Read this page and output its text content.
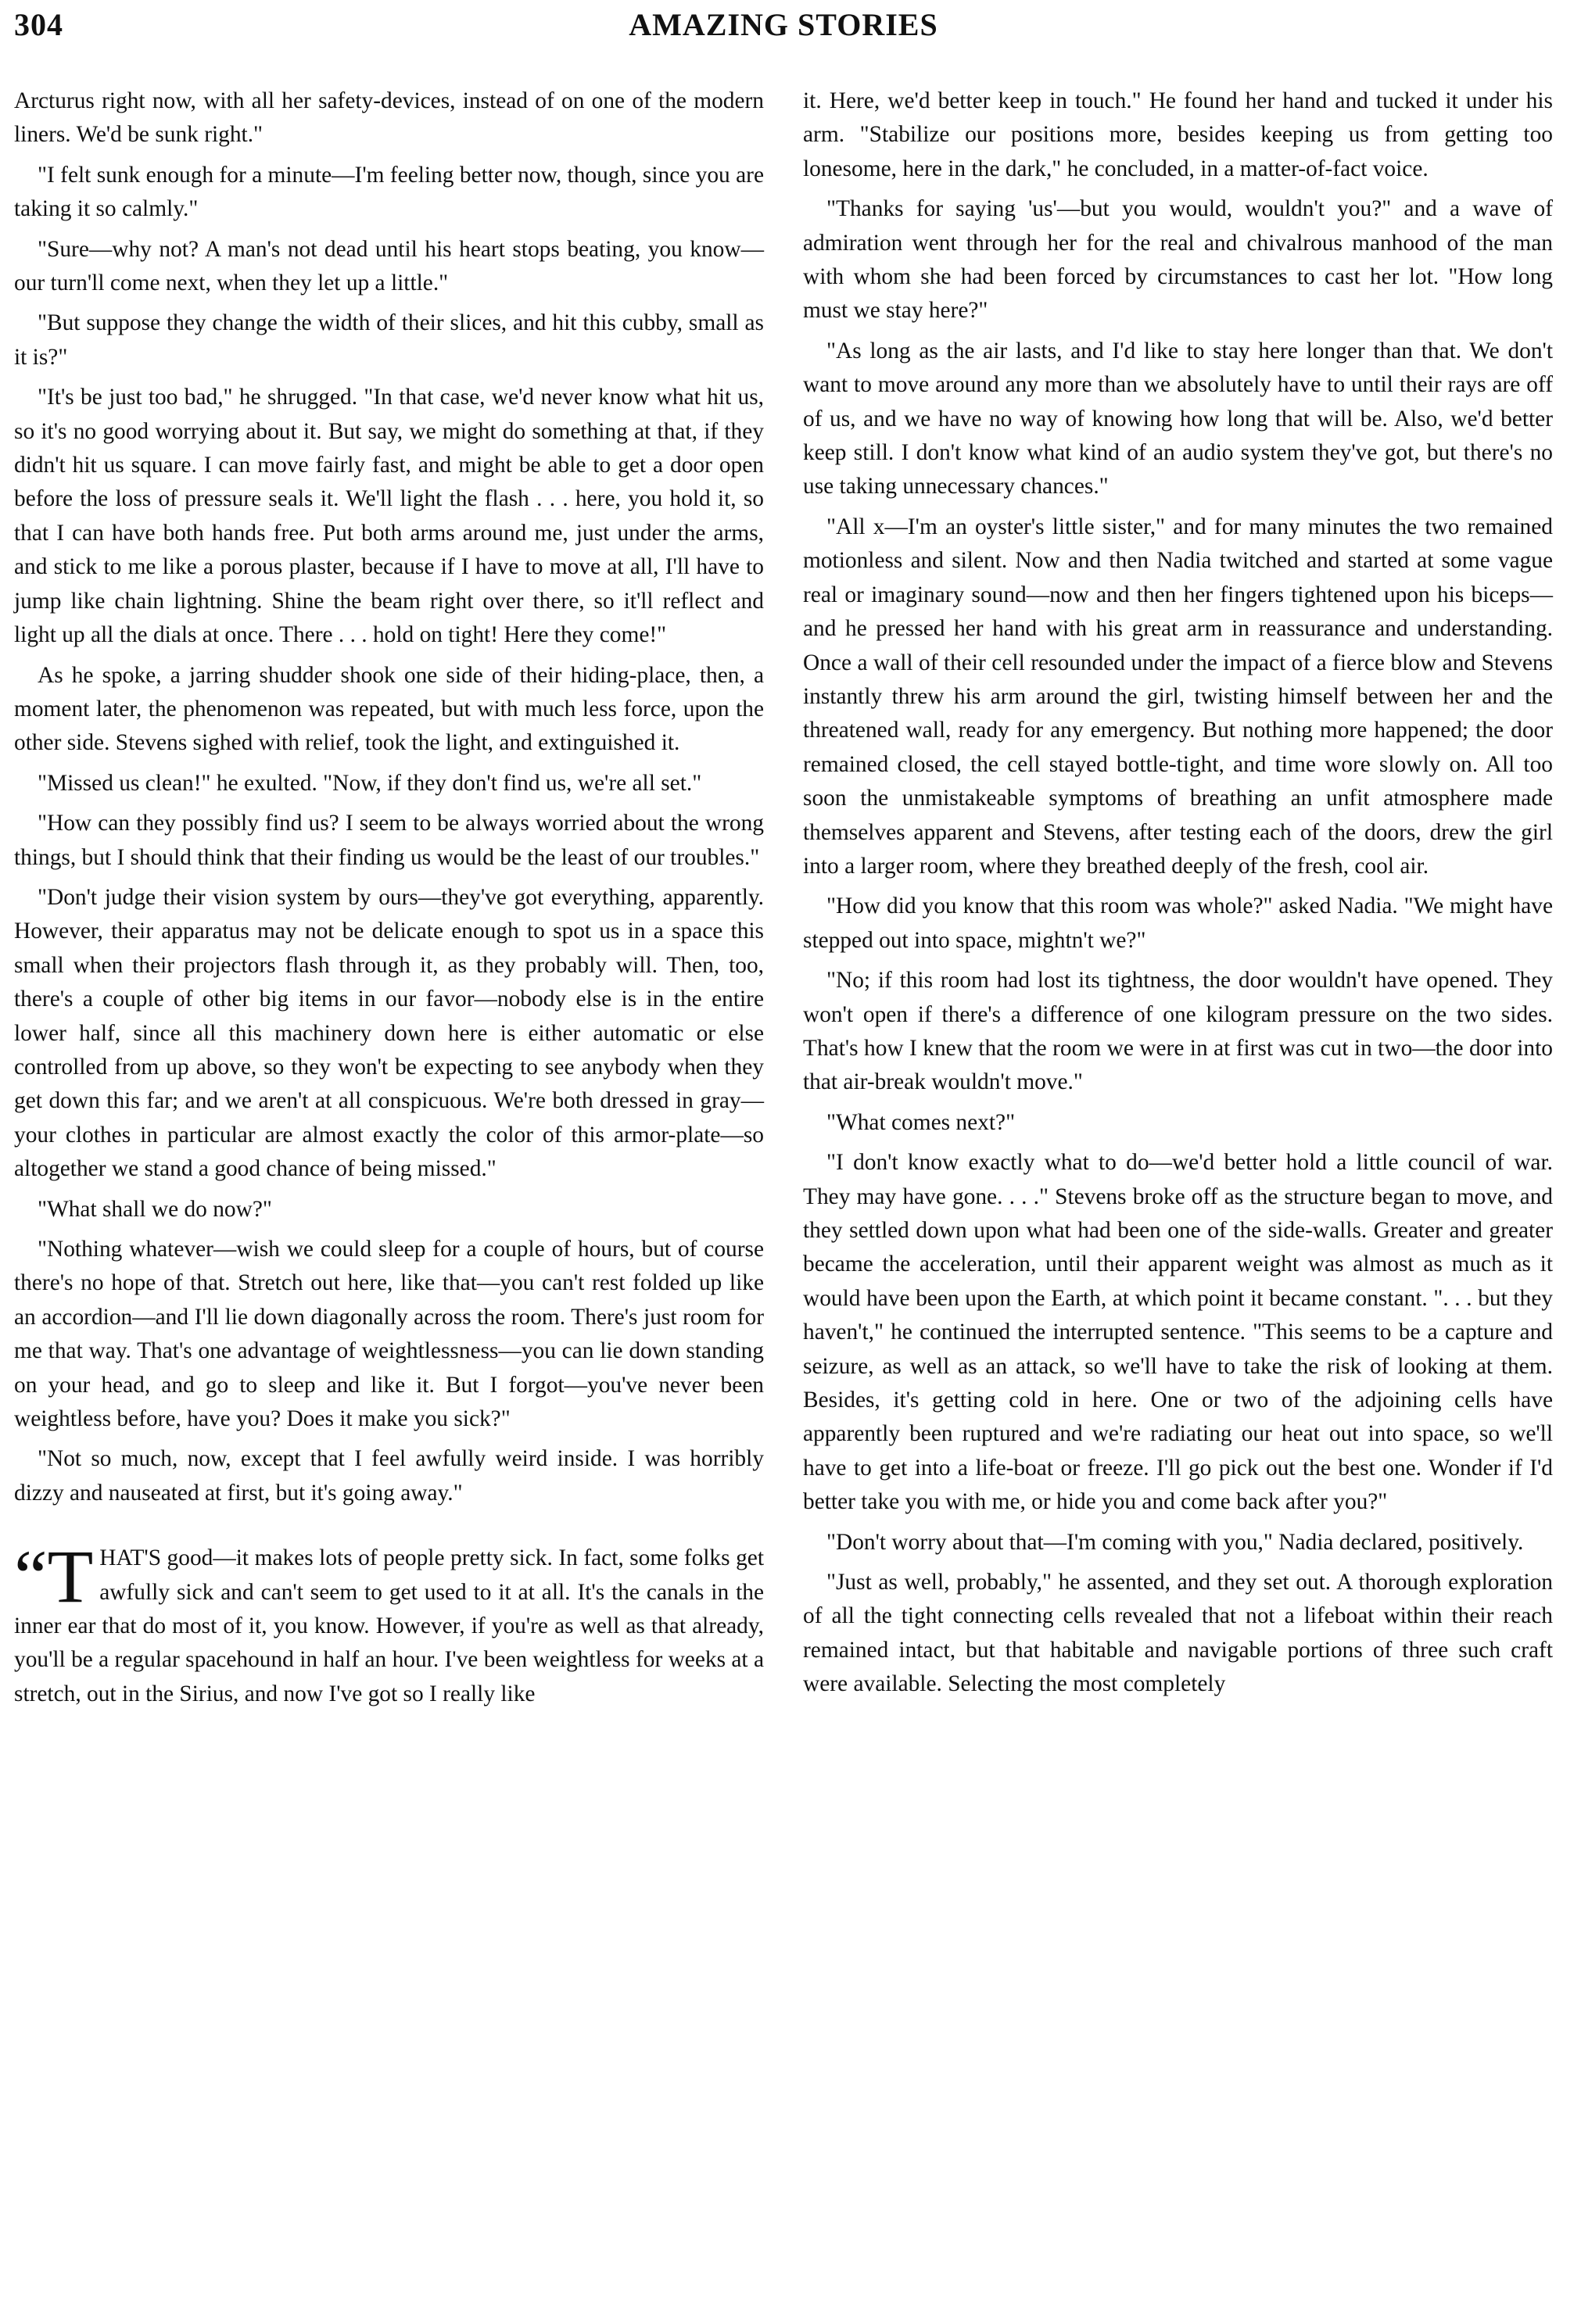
304	AMAZING STORIES

Arcturus right now, with all her safety-devices, instead of on one of the modern liners. We'd be sunk right."

"I felt sunk enough for a minute—I'm feeling better now, though, since you are taking it so calmly."

"Sure—why not? A man's not dead until his heart stops beating, you know—our turn'll come next, when they let up a little."

"But suppose they change the width of their slices, and hit this cubby, small as it is?"

"It's be just too bad," he shrugged. "In that case, we'd never know what hit us, so it's no good worrying about it. But say, we might do something at that, if they didn't hit us square. I can move fairly fast, and might be able to get a door open before the loss of pressure seals it. We'll light the flash . . . here, you hold it, so that I can have both hands free. Put both arms around me, just under the arms, and stick to me like a porous plaster, because if I have to move at all, I'll have to jump like chain lightning. Shine the beam right over there, so it'll reflect and light up all the dials at once. There . . . hold on tight! Here they come!"

As he spoke, a jarring shudder shook one side of their hiding-place, then, a moment later, the phenomenon was repeated, but with much less force, upon the other side. Stevens sighed with relief, took the light, and extinguished it.

"Missed us clean!" he exulted. "Now, if they don't find us, we're all set."

"How can they possibly find us? I seem to be always worried about the wrong things, but I should think that their finding us would be the least of our troubles."

"Don't judge their vision system by ours—they've got everything, apparently. However, their apparatus may not be delicate enough to spot us in a space this small when their projectors flash through it, as they probably will. Then, too, there's a couple of other big items in our favor—nobody else is in the entire lower half, since all this machinery down here is either automatic or else controlled from up above, so they won't be expecting to see anybody when they get down this far; and we aren't at all conspicuous. We're both dressed in gray—your clothes in particular are almost exactly the color of this armor-plate—so altogether we stand a good chance of being missed."

"What shall we do now?"

"Nothing whatever—wish we could sleep for a couple of hours, but of course there's no hope of that. Stretch out here, like that—you can't rest folded up like an accordion—and I'll lie down diagonally across the room. There's just room for me that way. That's one advantage of weightlessness—you can lie down standing on your head, and go to sleep and like it. But I forgot—you've never been weightless before, have you? Does it make you sick?"

"Not so much, now, except that I feel awfully weird inside. I was horribly dizzy and nauseated at first, but it's going away."

“T HAT'S good—it makes lots of people pretty sick. In fact, some folks get awfully sick and can't seem to get used to it at all. It's the canals in the inner ear that do most of it, you know. However, if you're as well as that already, you'll be a regular spacehound in half an hour. I've been weightless for weeks at a stretch, out in the Sirius, and now I've got so I really like

it. Here, we'd better keep in touch." He found her hand and tucked it under his arm. "Stabilize our positions more, besides keeping us from getting too lonesome, here in the dark," he concluded, in a matter-of-fact voice.

"Thanks for saying 'us'—but you would, wouldn't you?" and a wave of admiration went through her for the real and chivalrous manhood of the man with whom she had been forced by circumstances to cast her lot. "How long must we stay here?"

"As long as the air lasts, and I'd like to stay here longer than that. We don't want to move around any more than we absolutely have to until their rays are off of us, and we have no way of knowing how long that will be. Also, we'd better keep still. I don't know what kind of an audio system they've got, but there's no use taking unnecessary chances."

"All x—I'm an oyster's little sister," and for many minutes the two remained motionless and silent. Now and then Nadia twitched and started at some vague real or imaginary sound—now and then her fingers tightened upon his biceps—and he pressed her hand with his great arm in reassurance and understanding. Once a wall of their cell resounded under the impact of a fierce blow and Stevens instantly threw his arm around the girl, twisting himself between her and the threatened wall, ready for any emergency. But nothing more happened; the door remained closed, the cell stayed bottle-tight, and time wore slowly on. All too soon the unmistakeable symptoms of breathing an unfit atmosphere made themselves apparent and Stevens, after testing each of the doors, drew the girl into a larger room, where they breathed deeply of the fresh, cool air.

"How did you know that this room was whole?" asked Nadia. "We might have stepped out into space, mightn't we?"

"No; if this room had lost its tightness, the door wouldn't have opened. They won't open if there's a difference of one kilogram pressure on the two sides. That's how I knew that the room we were in at first was cut in two—the door into that air-break wouldn't move."

"What comes next?"

"I don't know exactly what to do—we'd better hold a little council of war. They may have gone. . . ." Stevens broke off as the structure began to move, and they settled down upon what had been one of the side-walls. Greater and greater became the acceleration, until their apparent weight was almost as much as it would have been upon the Earth, at which point it became constant. ". . . but they haven't," he continued the interrupted sentence. "This seems to be a capture and seizure, as well as an attack, so we'll have to take the risk of looking at them. Besides, it's getting cold in here. One or two of the adjoining cells have apparently been ruptured and we're radiating our heat out into space, so we'll have to get into a life-boat or freeze. I'll go pick out the best one. Wonder if I'd better take you with me, or hide you and come back after you?"

"Don't worry about that—I'm coming with you," Nadia declared, positively.

"Just as well, probably," he assented, and they set out. A thorough exploration of all the tight connecting cells revealed that not a lifeboat within their reach remained intact, but that habitable and navigable portions of three such craft were available. Selecting the most completely
